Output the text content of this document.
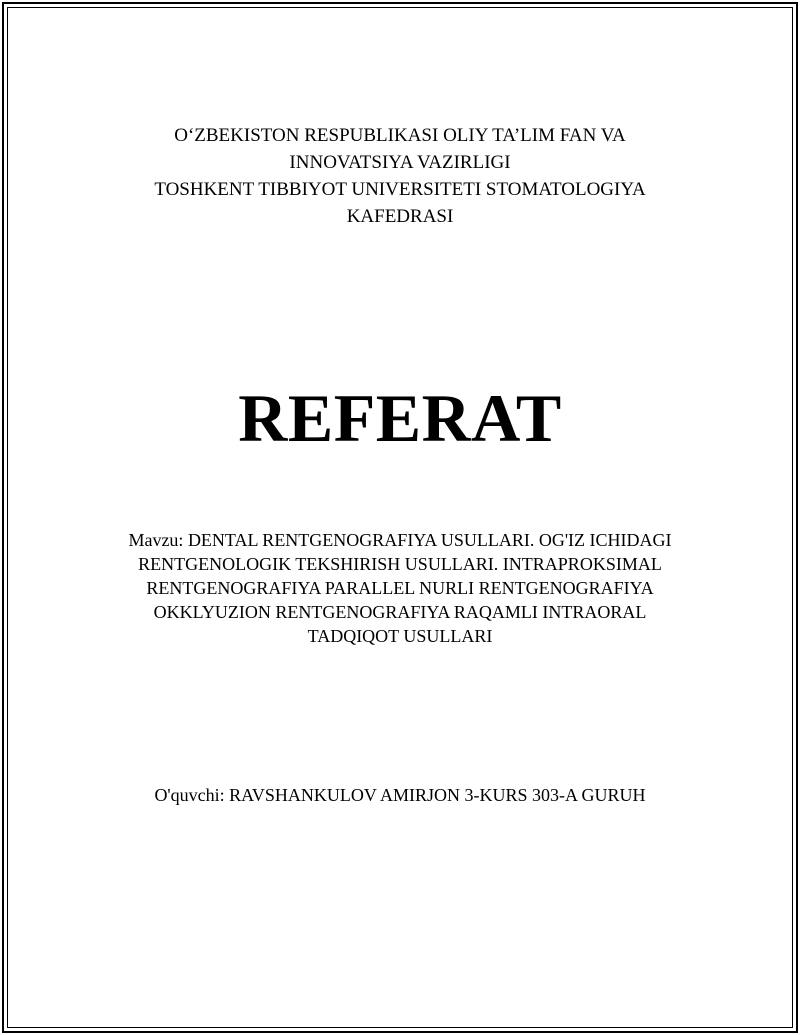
O‘ZBEKISTON RESPUBLIKASI OLIY TA’LIM FAN VA
INNOVATSIYA VAZIRLIGI
TOSHKENT TIBBIYOT UNIVERSITETI STOMATOLOGIYA
KAFEDRASI
REFERAT
Mavzu: DENTAL RENTGENOGRAFIYA USULLARI. OG'IZ ICHIDAGI
RENTGENOLOGIK TEKSHIRISH USULLARI. INTRAPROKSIMAL
RENTGENOGRAFIYA PARALLEL NURLI RENTGENOGRAFIYA
OKKLYUZION RENTGENOGRAFIYA RAQAMLI INTRAORAL
TADQIQOT USULLARI
O'quvchi: RAVSHANKULOV AMIRJON 3-KURS 303-A GURUH
